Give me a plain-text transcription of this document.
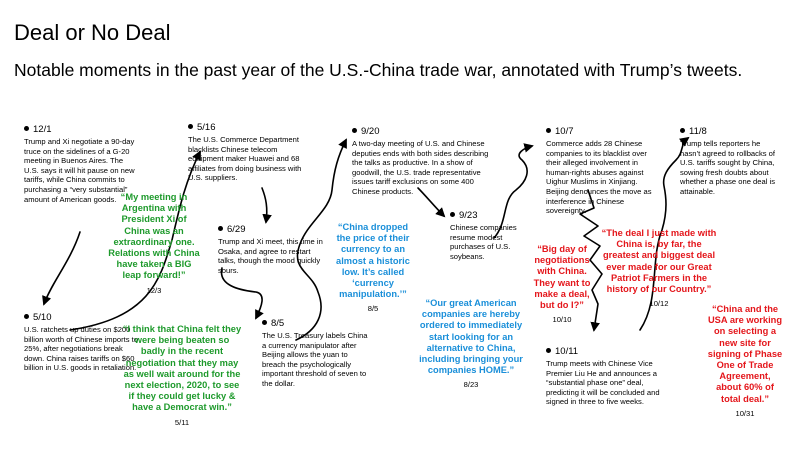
Deal or No Deal
Notable moments in the past year of the U.S.-China trade war, annotated with Trump’s tweets.
12/1
Trump and Xi negotiate a 90-day truce on the sidelines of a G-20 meeting in Buenos Aires. The U.S. says it will hit pause on new tariffs, while China commits to purchasing a “very substantial” amount of American goods.
5/10
U.S. ratchets up duties on $200 billion worth of Chinese imports to 25%, after negotiations break down. China raises tariffs on $60 billion in U.S. goods in retaliation.
5/16
The U.S. Commerce Department blacklists Chinese telecom equipment maker Huawei and 68 affiliates from doing business with U.S. suppliers.
6/29
Trump and Xi meet, this time in Osaka, and agree to restart talks, though the mood quickly sours.
8/5
The U.S. Treasury labels China a currency manipulator after Beijing allows the yuan to breach the psychologically important threshold of seven to the dollar.
9/20
A two-day meeting of U.S. and Chinese deputies ends with both sides describing the talks as productive. In a show of goodwill, the U.S. trade representative issues tariff exclusions on some 400 Chinese products.
9/23
Chinese companies resume modest purchases of U.S. soybeans.
10/7
Commerce adds 28 Chinese companies to its blacklist over their alleged involvement in human-rights abuses against Uighur Muslims in Xinjiang. Beijing denounces the move as interference in Chinese sovereignty.
10/11
Trump meets with Chinese Vice Premier Liu He and announces a “substantial phase one” deal, predicting it will be concluded and signed in three to five weeks.
11/8
Trump tells reporters he hasn’t agreed to rollbacks of U.S. tariffs sought by China, sowing fresh doubts about whether a phase one deal is attainable.
“My meeting in Argentina with President Xi of China was an extraordinary one. Relations with China have taken a BIG leap forward!”
12/3
“I think that China felt they were being beaten so badly in the recent negotiation that they may as well wait around for the next election, 2020, to see if they could get lucky & have a Democrat win.”
5/11
“China dropped the price of their currency to an almost a historic low. It’s called ‘currency manipulation.’”
8/5
“Our great American companies are hereby ordered to immediately start looking for an alternative to China, including bringing your companies HOME.”
8/23
“Big day of negotiations with China. They want to make a deal, but do I?”
10/10
“The deal I just made with China is, by far, the greatest and biggest deal ever made for our Great Patriot Farmers in the history of our Country.”
10/12
“China and the USA are working on selecting a new site for signing of Phase One of Trade Agreement, about 60% of total deal.”
10/31
